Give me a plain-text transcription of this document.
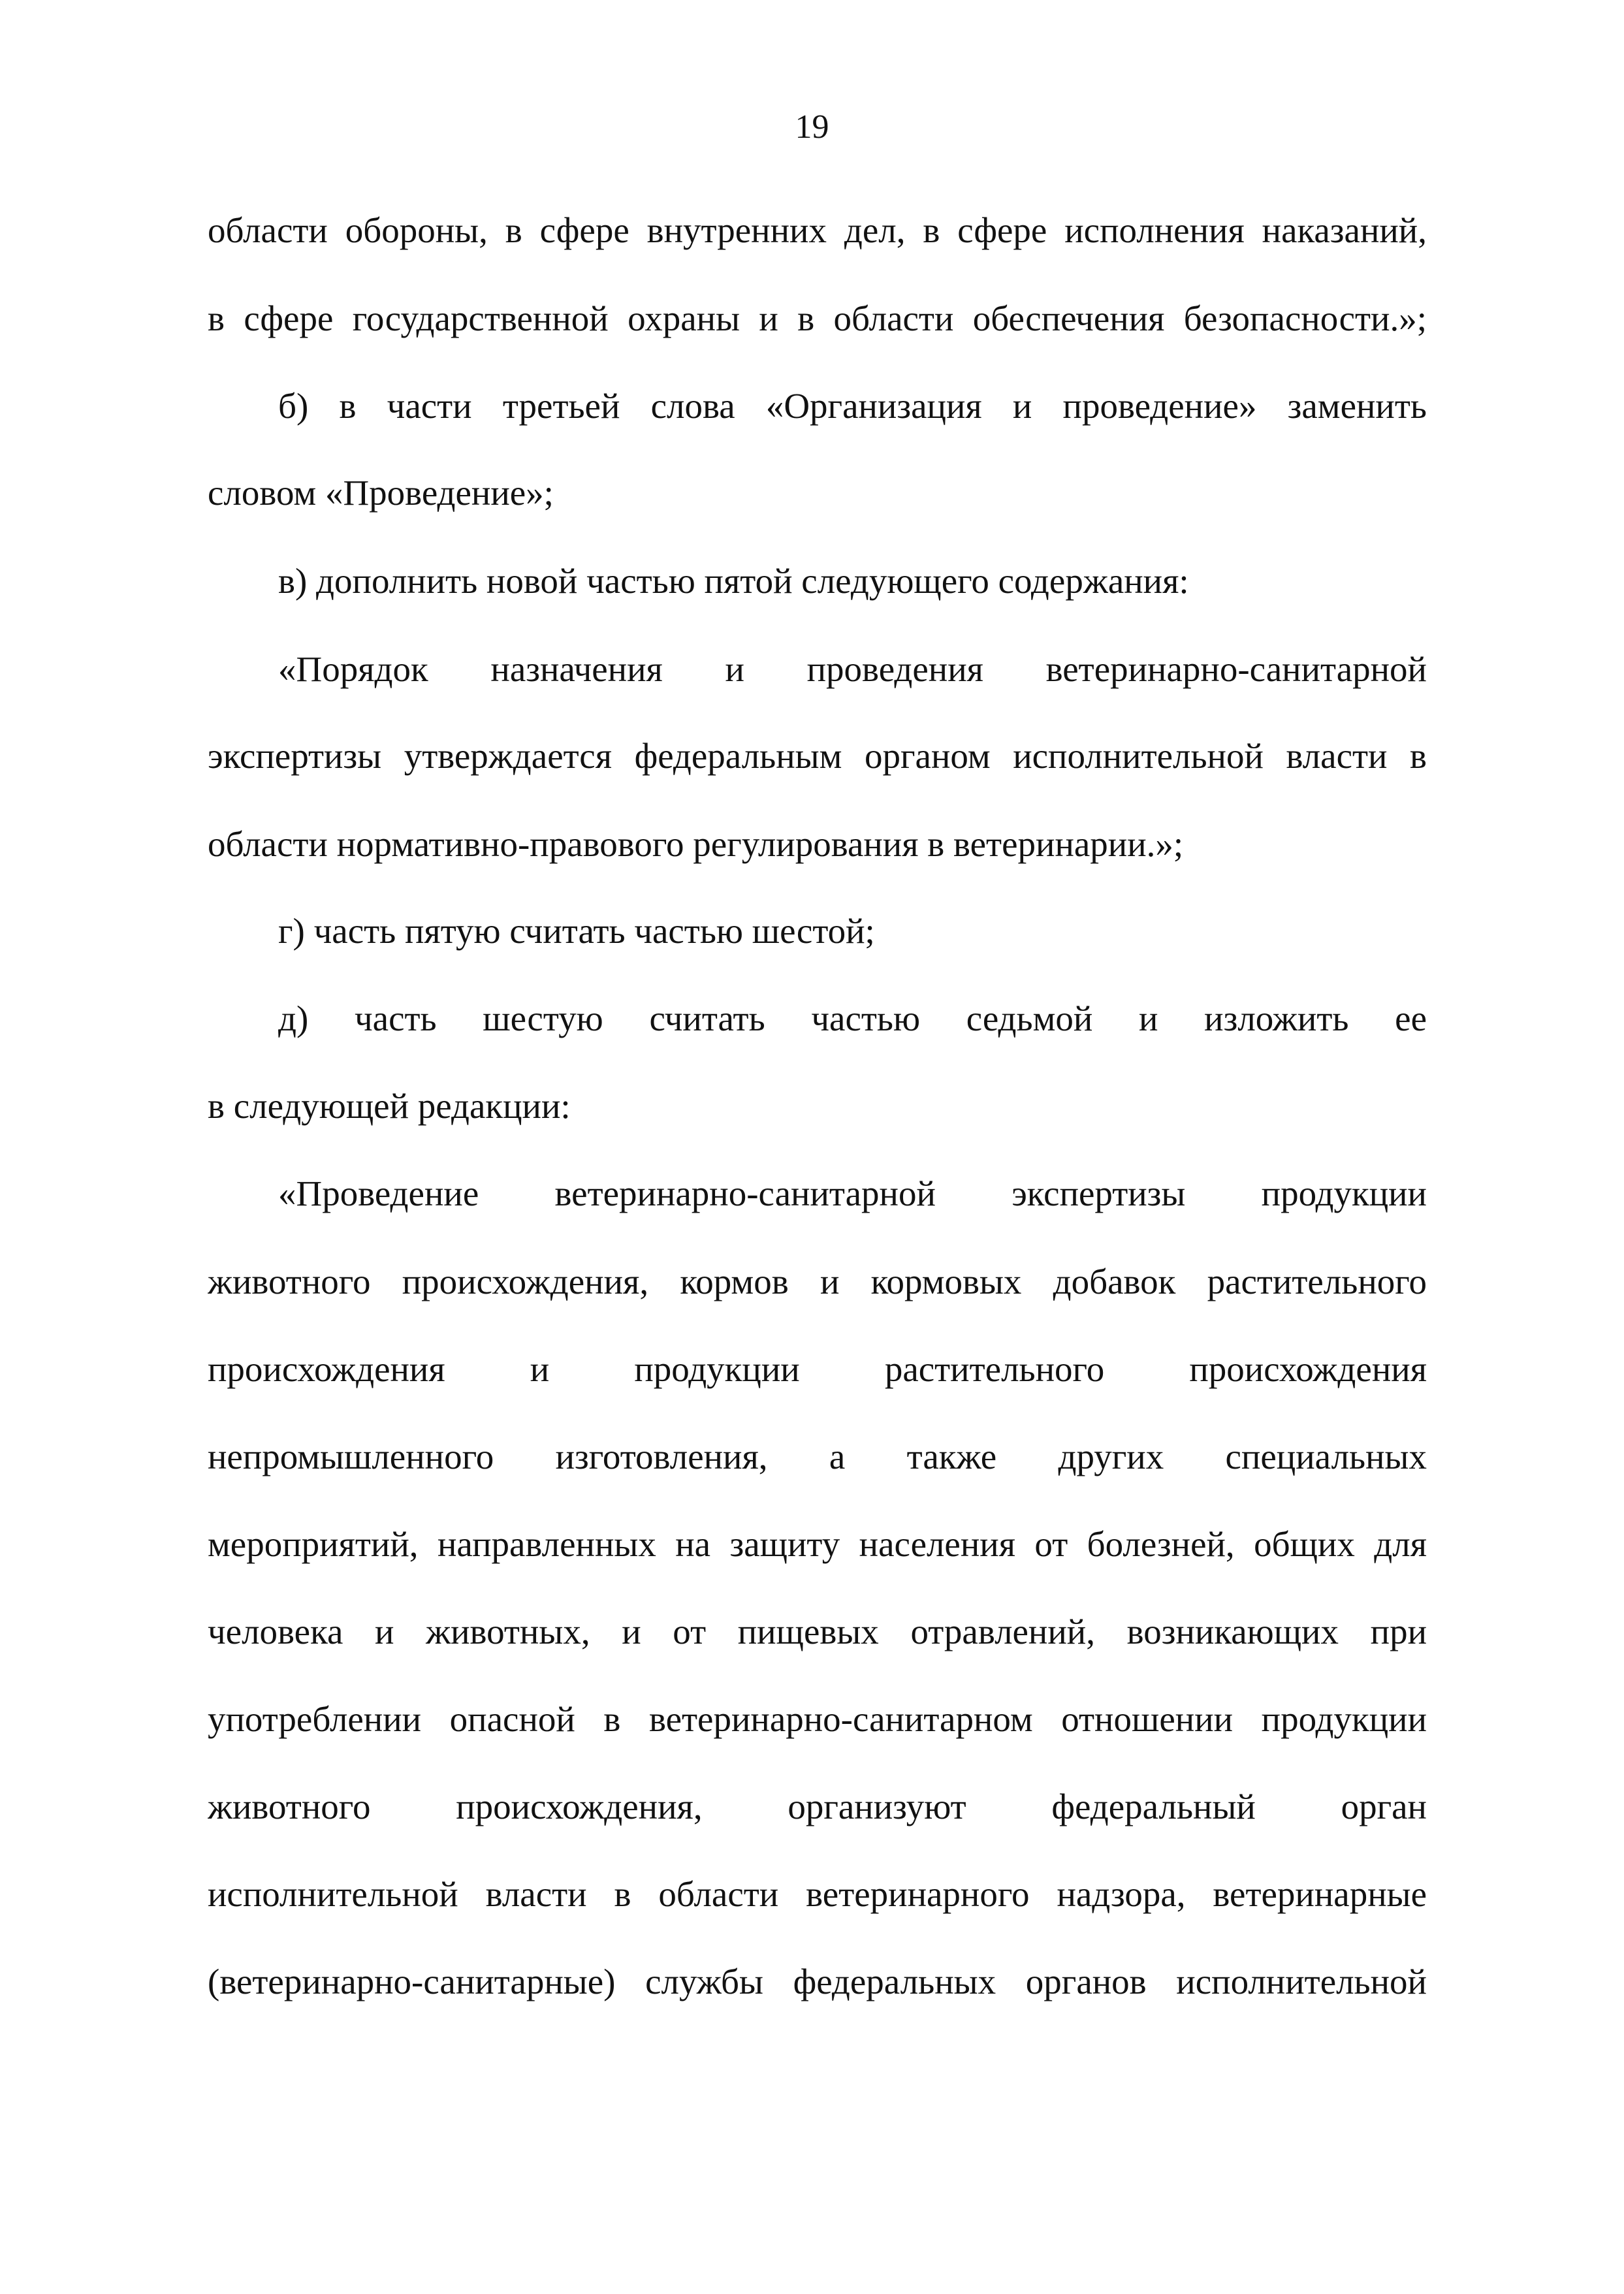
19
области обороны, в сфере внутренних дел, в сфере исполнения наказаний,
в сфере государственной охраны и в области обеспечения безопасности.»;
б) в части третьей слова «Организация и проведение» заменить
словом «Проведение»;
в) дополнить новой частью пятой следующего содержания:
«Порядок назначения и проведения ветеринарно-санитарной
экспертизы утверждается федеральным органом исполнительной власти в
области нормативно-правового регулирования в ветеринарии.»;
г) часть пятую считать частью шестой;
д) часть шестую считать частью седьмой и изложить ее
в следующей редакции:
«Проведение ветеринарно-санитарной экспертизы продукции
животного происхождения, кормов и кормовых добавок растительного
происхождения и продукции растительного происхождения
непромышленного изготовления, а также других специальных
мероприятий, направленных на защиту населения от болезней, общих для
человека и животных, и от пищевых отравлений, возникающих при
употреблении опасной в ветеринарно-санитарном отношении продукции
животного происхождения, организуют федеральный орган
исполнительной власти в области ветеринарного надзора, ветеринарные
(ветеринарно-санитарные) службы федеральных органов исполнительной
